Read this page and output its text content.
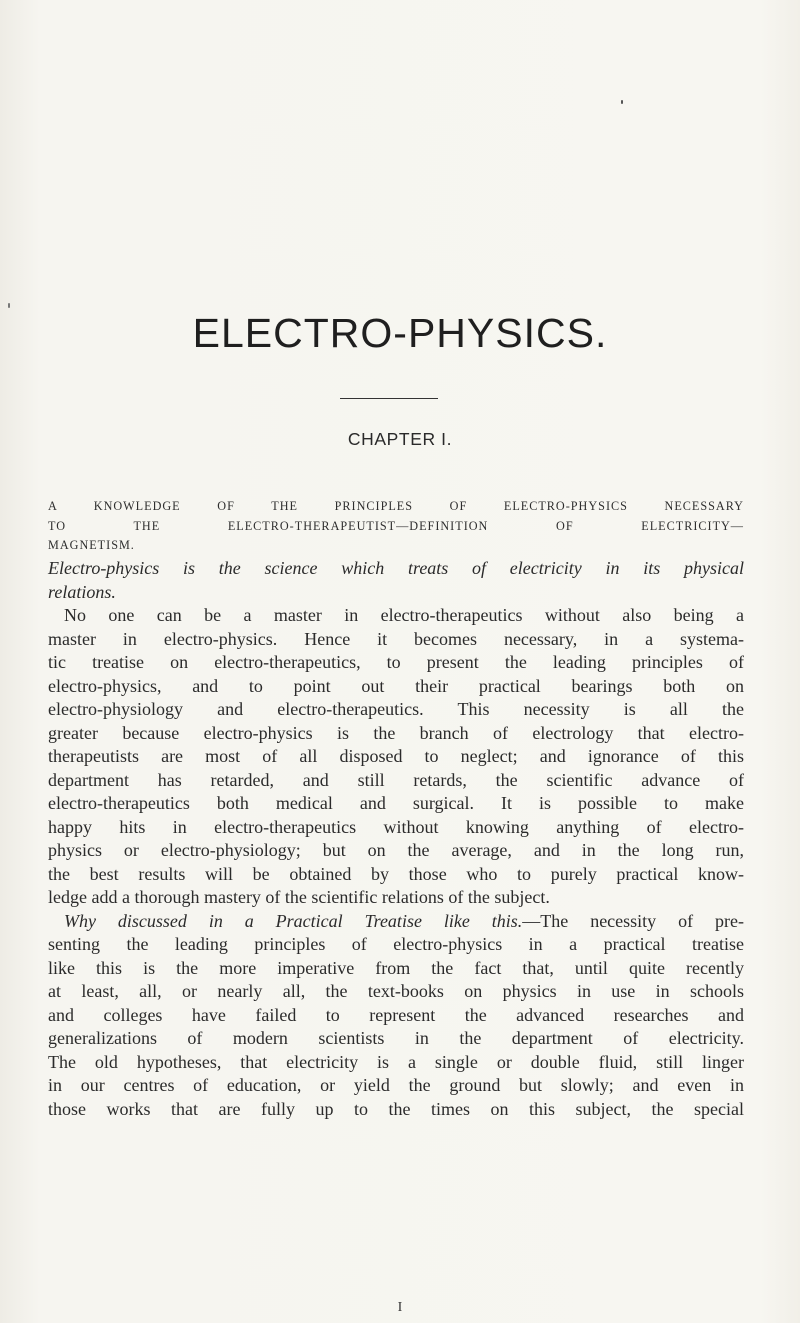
ELECTRO-PHYSICS.
CHAPTER I.
A KNOWLEDGE OF THE PRINCIPLES OF ELECTRO-PHYSICS NECESSARY
TO THE ELECTRO-THERAPEUTIST—DEFINITION OF ELECTRICITY—
MAGNETISM.
Electro-physics is the science which treats of electricity in its physical
relations.
No one can be a master in electro-therapeutics without also being a
master in electro-physics. Hence it becomes necessary, in a systema-
tic treatise on electro-therapeutics, to present the leading principles of
electro-physics, and to point out their practical bearings both on
electro-physiology and electro-therapeutics. This necessity is all the
greater because electro-physics is the branch of electrology that electro-
therapeutists are most of all disposed to neglect; and ignorance of this
department has retarded, and still retards, the scientific advance of
electro-therapeutics both medical and surgical. It is possible to make
happy hits in electro-therapeutics without knowing anything of electro-
physics or electro-physiology; but on the average, and in the long run,
the best results will be obtained by those who to purely practical know-
ledge add a thorough mastery of the scientific relations of the subject.
Why discussed in a Practical Treatise like this.—The necessity of pre-
senting the leading principles of electro-physics in a practical treatise
like this is the more imperative from the fact that, until quite recently
at least, all, or nearly all, the text-books on physics in use in schools
and colleges have failed to represent the advanced researches and
generalizations of modern scientists in the department of electricity.
The old hypotheses, that electricity is a single or double fluid, still linger
in our centres of education, or yield the ground but slowly; and even in
those works that are fully up to the times on this subject, the special
I
